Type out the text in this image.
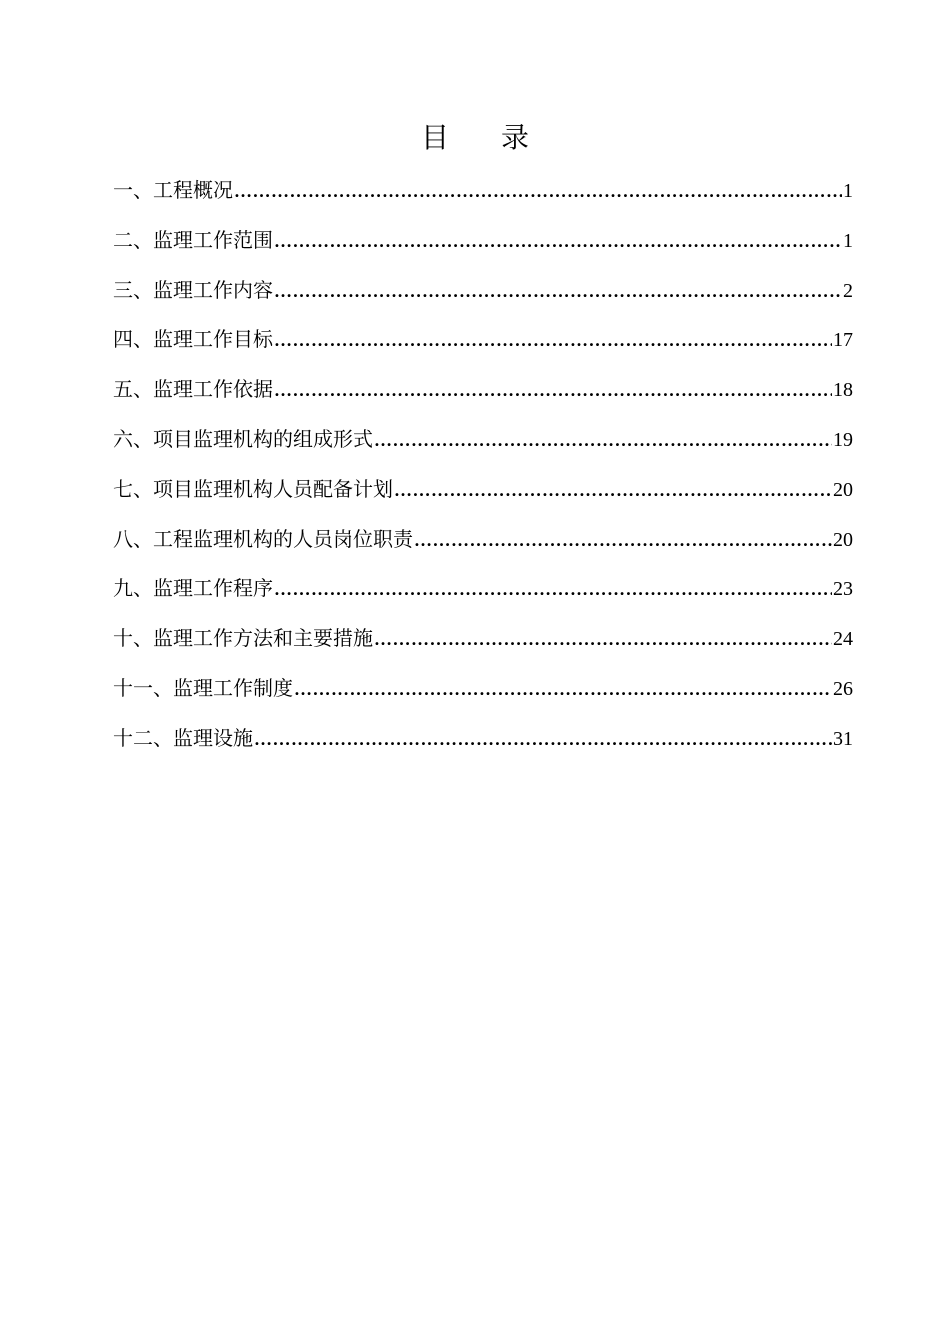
目 录
一、工程概况 ………………………………………………………………………………………………………………………………………………………………………………	1
二、监理工作范围 ………………………………………………………………………………………………………………………………………………………………………………	1
三、监理工作内容 ………………………………………………………………………………………………………………………………………………………………………………	2
四、监理工作目标 ………………………………………………………………………………………………………………………………………………………………………………	17
五、监理工作依据 ………………………………………………………………………………………………………………………………………………………………………………	18
六、项目监理机构的组成形式 ………………………………………………………………………………………………………………………………………………………………………………	19
七、项目监理机构人员配备计划 ………………………………………………………………………………………………………………………………………………………………………………	20
八、工程监理机构的人员岗位职责 ………………………………………………………………………………………………………………………………………………………………………………	20
九、监理工作程序 ………………………………………………………………………………………………………………………………………………………………………………	23
十、监理工作方法和主要措施 ………………………………………………………………………………………………………………………………………………………………………………	24
十一、监理工作制度 ………………………………………………………………………………………………………………………………………………………………………………	26
十二、监理设施 ………………………………………………………………………………………………………………………………………………………………………………	31
